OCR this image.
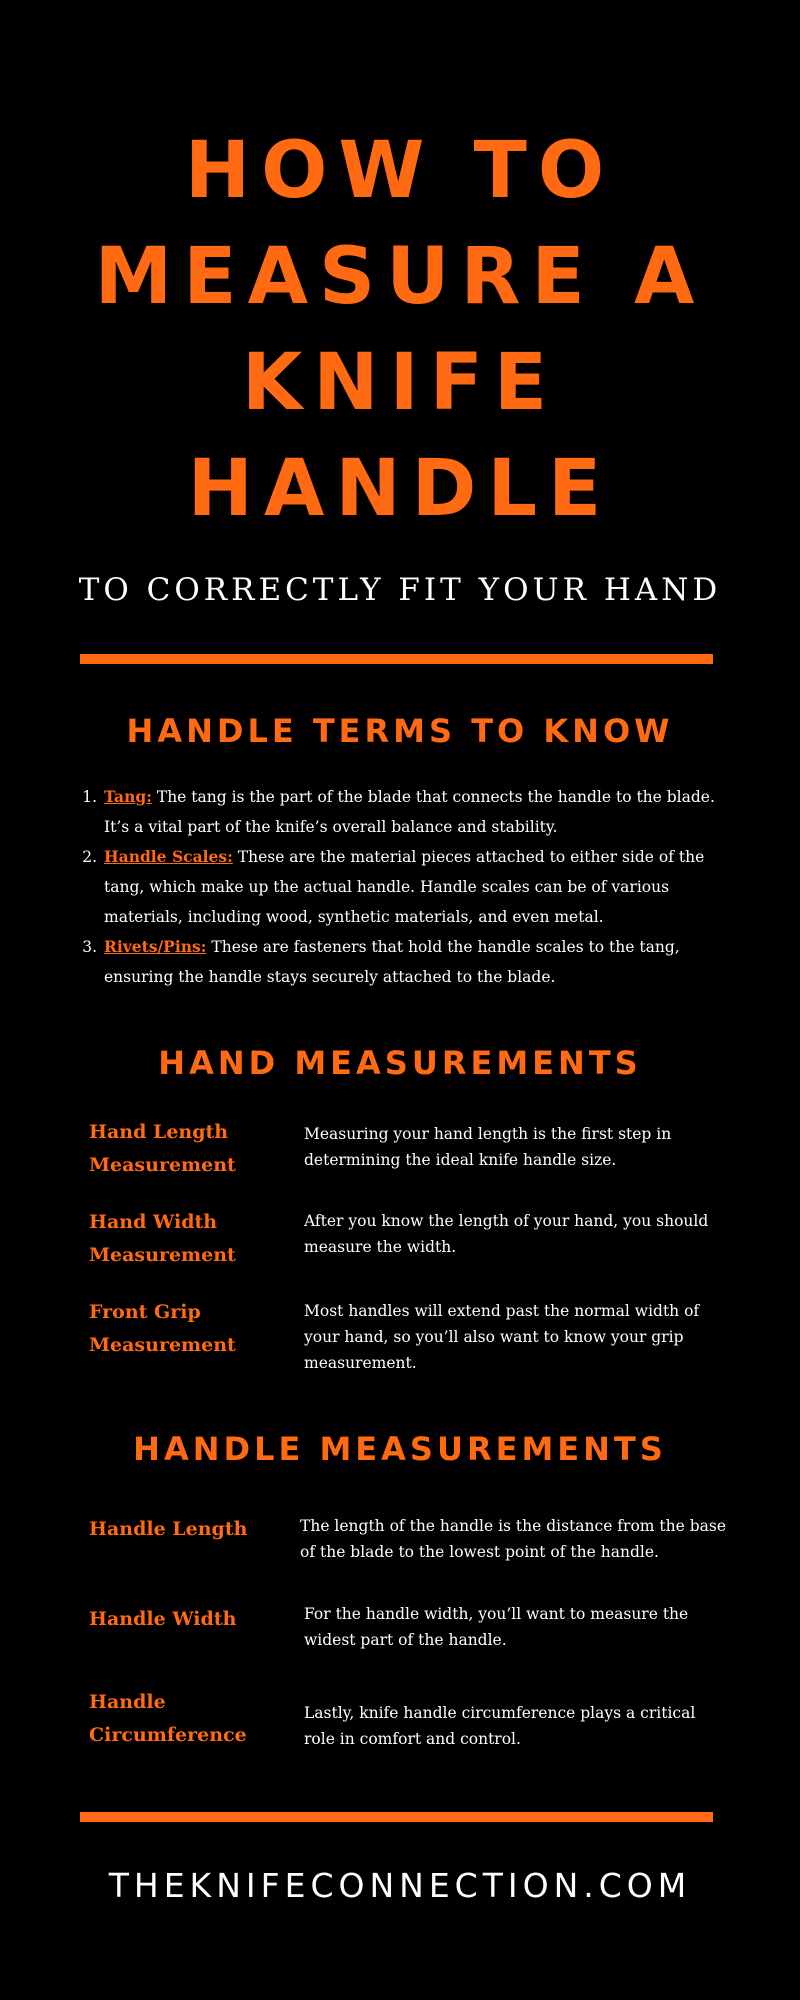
HOW TO
MEASURE A
KNIFE
HANDLE
TO CORRECTLY FIT YOUR HAND
HANDLE TERMS TO KNOW
1. Tang: The tang is the part of the blade that connects the handle to the blade. It’s a vital part of the knife’s overall balance and stability.
2. Handle Scales: These are the material pieces attached to either side of the tang, which make up the actual handle. Handle scales can be of various materials, including wood, synthetic materials, and even metal.
3. Rivets/Pins: These are fasteners that hold the handle scales to the tang, ensuring the handle stays securely attached to the blade.
HAND MEASUREMENTS
Hand Length Measurement
Measuring your hand length is the first step in determining the ideal knife handle size.
Hand Width Measurement
After you know the length of your hand, you should measure the width.
Front Grip Measurement
Most handles will extend past the normal width of your hand, so you’ll also want to know your grip measurement.
HANDLE MEASUREMENTS
Handle Length	The length of the handle is the distance from the base of the blade to the lowest point of the handle.
Handle Width	For the handle width, you’ll want to measure the widest part of the handle.
Handle Circumference
Lastly, knife handle circumference plays a critical role in comfort and control.
THEKNIFECONNECTION.COM
